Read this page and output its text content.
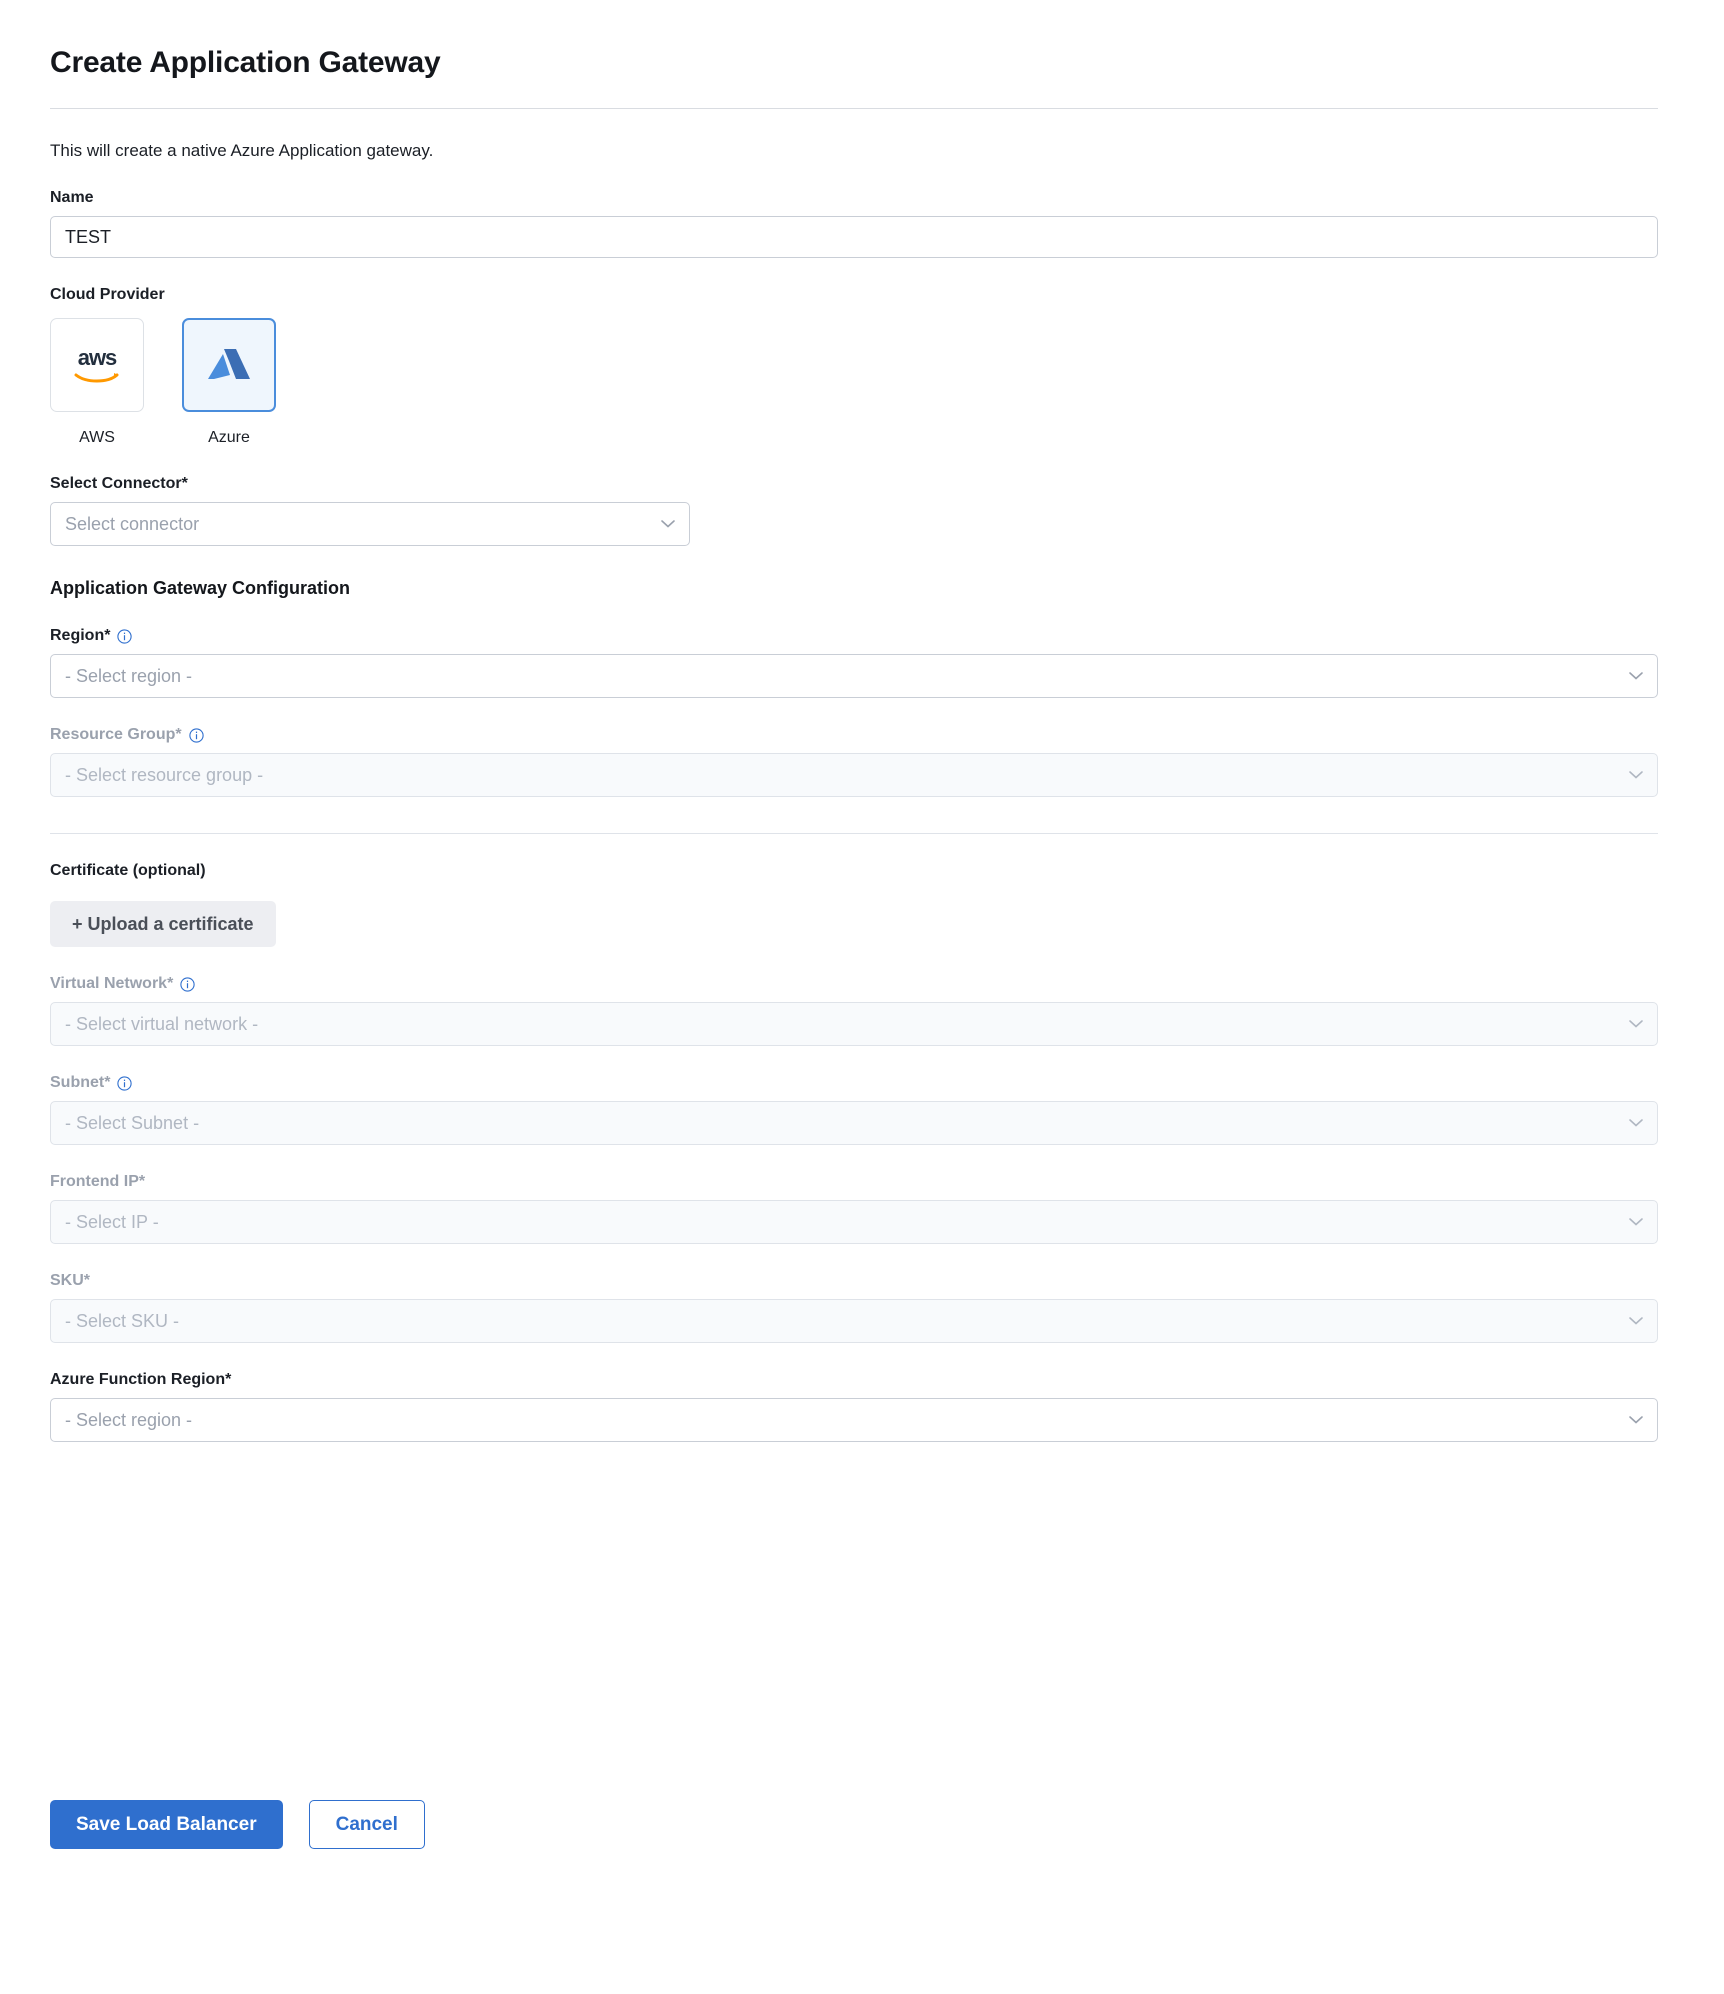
Create Application Gateway

This will create a native Azure Application gateway.

Name
TEST
Cloud Provider
aws
AWS	Azure
Select Connector*
Select connector
Application Gateway Configuration
Region*
- Select region -
Resource Group*
- Select resource group -
Certificate (optional)
+ Upload a certificate
Virtual Network*
- Select virtual network -
Subnet*
- Select Subnet -
Frontend IP*
- Select IP -
SKU*
- Select SKU -
Azure Function Region*
- Select region -
Save Load Balancer	Cancel
